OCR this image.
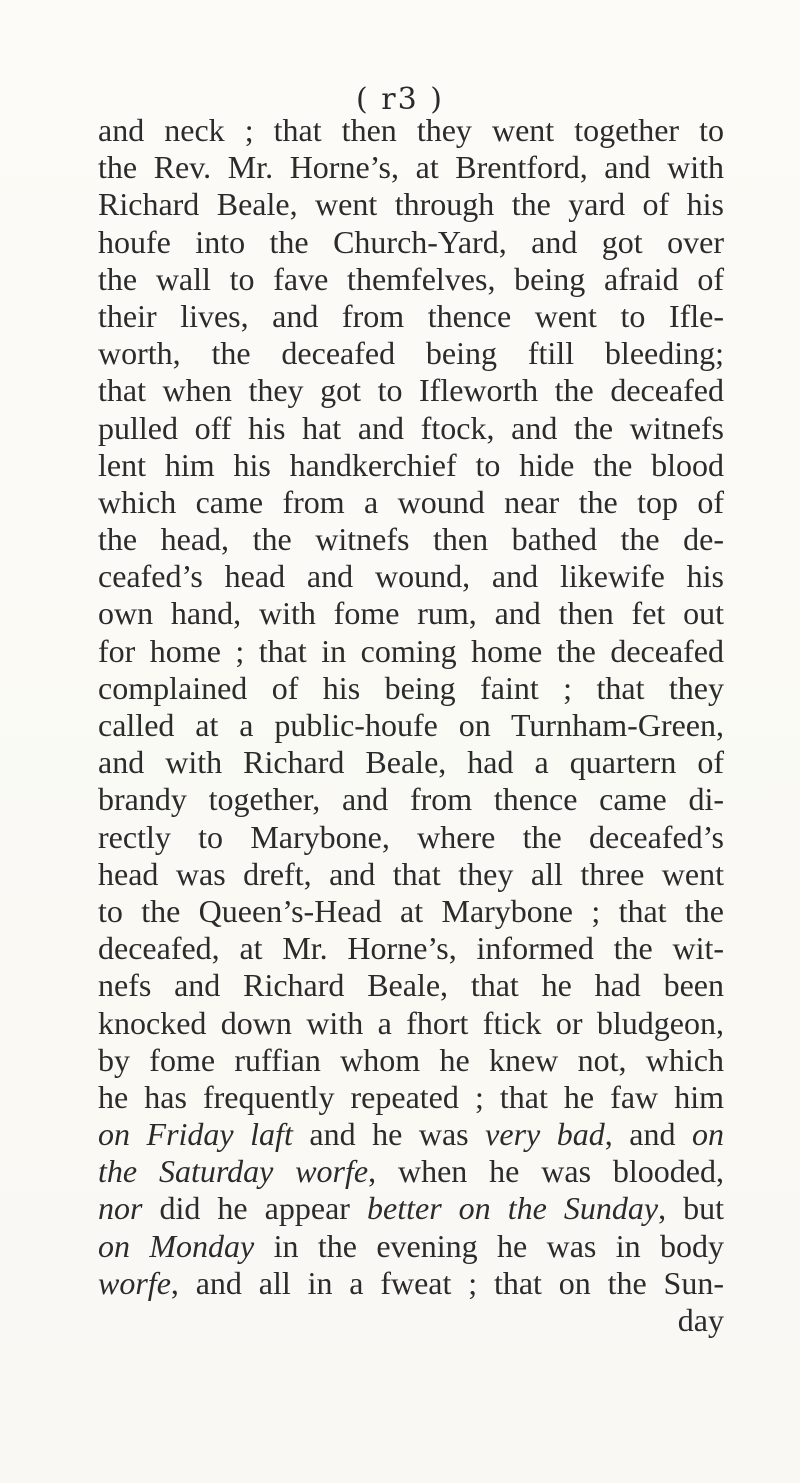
( r3 )
and neck ; that then they went together to
the Rev. Mr. Horne’s, at Brentford, and with
Richard Beale, went through the yard of his
houfe into the Church-Yard, and got over
the wall to fave themfelves, being afraid of
their lives, and from thence went to Ifle-
worth, the deceafed being ftill bleeding;
that when they got to Ifleworth the deceafed
pulled off his hat and ftock, and the witnefs
lent him his handkerchief to hide the blood
which came from a wound near the top of
the head, the witnefs then bathed the de-
ceafed’s head and wound, and likewife his
own hand, with fome rum, and then fet out
for home ; that in coming home the deceafed
complained of his being faint ; that they
called at a public-houfe on Turnham-Green,
and with Richard Beale, had a quartern of
brandy together, and from thence came di-
rectly to Marybone, where the deceafed’s
head was dreft, and that they all three went
to the Queen’s-Head at Marybone ; that the
deceafed, at Mr. Horne’s, informed the wit-
nefs and Richard Beale, that he had been
knocked down with a fhort ftick or bludgeon,
by fome ruffian whom he knew not, which
he has frequently repeated ; that he faw him
on Friday laft and he was very bad, and on
the Saturday worfe, when he was blooded,
nor did he appear better on the Sunday, but
on Monday in the evening he was in body
worfe, and all in a fweat ; that on the Sun-
day
